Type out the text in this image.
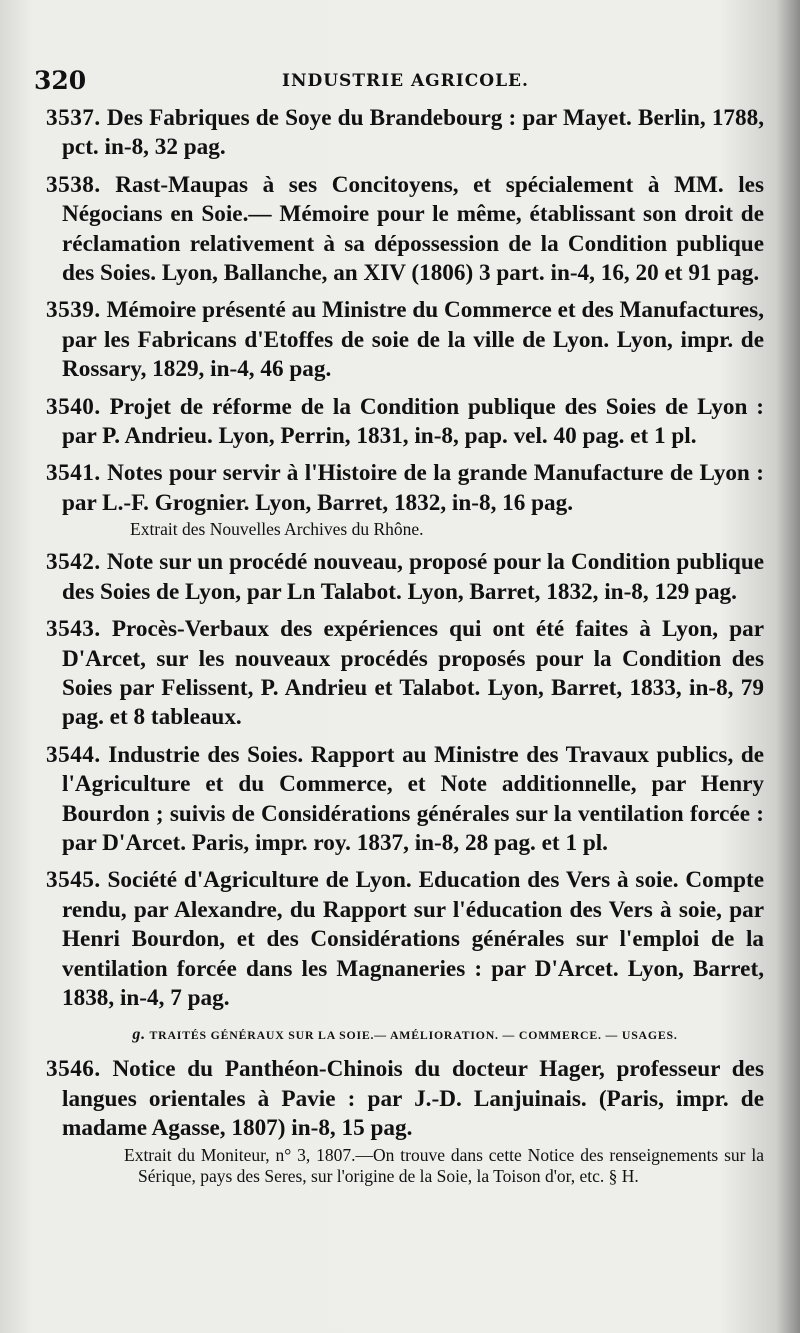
320	INDUSTRIE AGRICOLE.
3537. Des Fabriques de Soye du Brandebourg : par Mayet. Berlin, 1788, pct. in-8, 32 pag.
3538. Rast-Maupas à ses Concitoyens, et spécialement à MM. les Négocians en Soie.— Mémoire pour le même, établissant son droit de réclamation relativement à sa dépossession de la Condition publique des Soies. Lyon, Ballanche, an XIV (1806) 3 part. in-4, 16, 20 et 91 pag.
3539. Mémoire présenté au Ministre du Commerce et des Manufactures, par les Fabricans d'Etoffes de soie de la ville de Lyon. Lyon, impr. de Rossary, 1829, in-4, 46 pag.
3540. Projet de réforme de la Condition publique des Soies de Lyon : par P. Andrieu. Lyon, Perrin, 1831, in-8, pap. vel. 40 pag. et 1 pl.
3541. Notes pour servir à l'Histoire de la grande Manufacture de Lyon : par L.-F. Grognier. Lyon, Barret, 1832, in-8, 16 pag.
Extrait des Nouvelles Archives du Rhône.
3542. Note sur un procédé nouveau, proposé pour la Condition publique des Soies de Lyon, par Ln Talabot. Lyon, Barret, 1832, in-8, 129 pag.
3543. Procès-Verbaux des expériences qui ont été faites à Lyon, par D'Arcet, sur les nouveaux procédés proposés pour la Condition des Soies par Felissent, P. Andrieu et Talabot. Lyon, Barret, 1833, in-8, 79 pag. et 8 tableaux.
3544. Industrie des Soies. Rapport au Ministre des Travaux publics, de l'Agriculture et du Commerce, et Note additionnelle, par Henry Bourdon ; suivis de Considérations générales sur la ventilation forcée : par D'Arcet. Paris, impr. roy. 1837, in-8, 28 pag. et 1 pl.
3545. Société d'Agriculture de Lyon. Education des Vers à soie. Compte rendu, par Alexandre, du Rapport sur l'éducation des Vers à soie, par Henri Bourdon, et des Considérations générales sur l'emploi de la ventilation forcée dans les Magnaneries : par D'Arcet. Lyon, Barret, 1838, in-4, 7 pag.
g. TRAITÉS GÉNÉRAUX SUR LA SOIE.— AMÉLIORATION. — COMMERCE. — USAGES.
3546. Notice du Panthéon-Chinois du docteur Hager, professeur des langues orientales à Pavie : par J.-D. Lanjuinais. (Paris, impr. de madame Agasse, 1807) in-8, 15 pag.
Extrait du Moniteur, n° 3, 1807.—On trouve dans cette Notice des renseignements sur la Sérique, pays des Seres, sur l'origine de la Soie, la Toison d'or, etc. § H.
